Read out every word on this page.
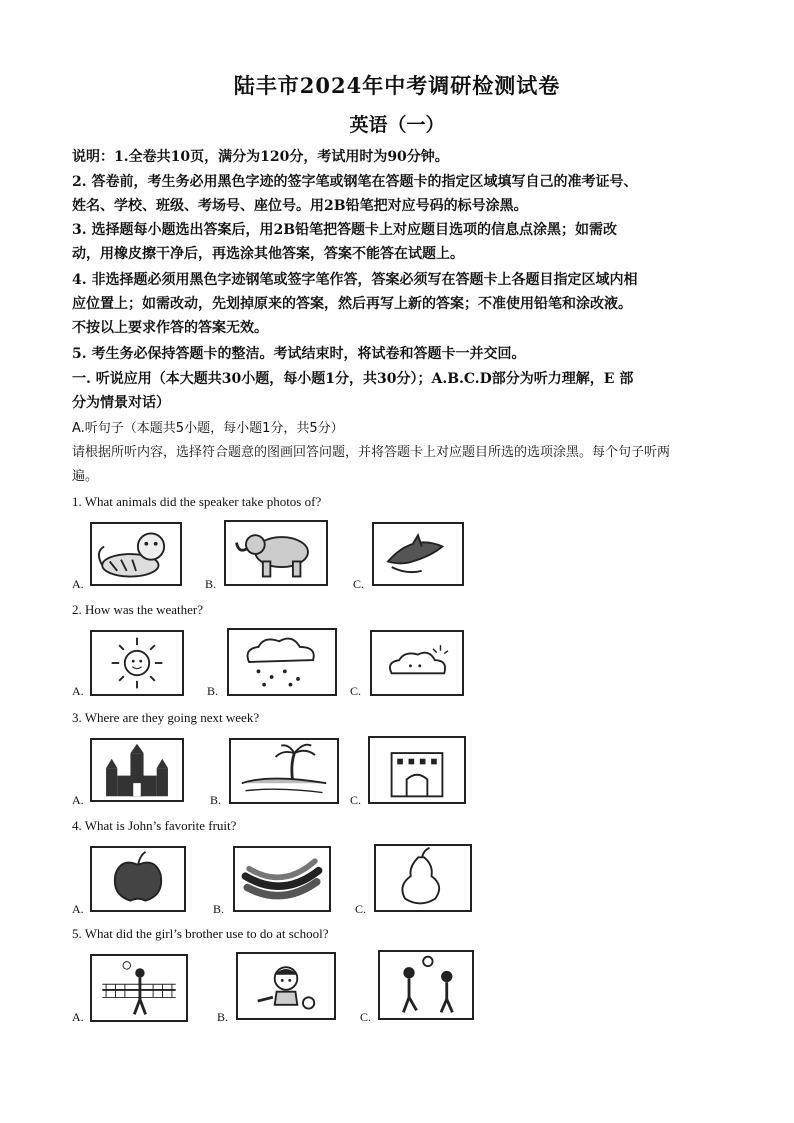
陆丰市2024年中考调研检测试卷
英语（一）
说明：1.全卷共10页，满分为120分，考试用时为90分钟。
2. 答卷前，考生务必用黑色字迹的签字笔或钢笔在答题卡的指定区域填写自己的准考证号、
姓名、学校、班级、考场号、座位号。用2B铅笔把对应号码的标号涂黑。
3. 选择题每小题选出答案后，用2B铅笔把答题卡上对应题目选项的信息点涂黑；如需改
动，用橡皮擦干净后，再选涂其他答案，答案不能答在试题上。
4. 非选择题必须用黑色字迹钢笔或签字笔作答，答案必须写在答题卡上各题目指定区域内相
应位置上；如需改动，先划掉原来的答案，然后再写上新的答案；不准使用铅笔和涂改液。
不按以上要求作答的答案无效。
5. 考生务必保持答题卡的整洁。考试结束时，将试卷和答题卡一并交回。
一. 听说应用（本大题共30小题，每小题1分，共30分）；A.B.C.D部分为听力理解，E 部
分为情景对话）
A.听句子（本题共5小题，每小题1分，共5分）
请根据所听内容，选择符合题意的图画回答问题，并将答题卡上对应题目所选的选项涂黑。每个句子听两
遍。
1. What animals did the speaker take photos of?
A.	B.	C.
2. How was the weather?
A.	B.	C.
3. Where are they going next week?
A.	B.	C.
4. What is John’s favorite fruit?
A.	B.	C.
5. What did the girl’s brother use to do at school?
A.	B.	C.
